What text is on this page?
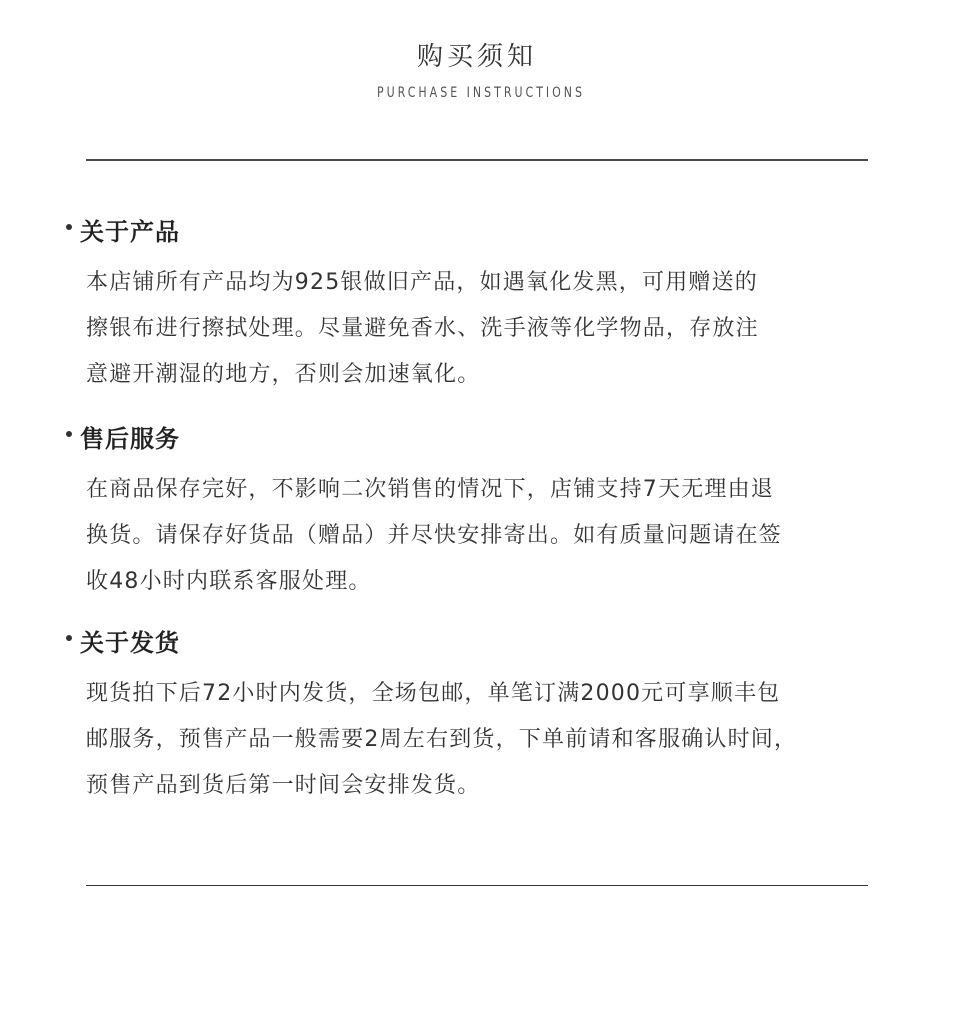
购买须知
PURCHASE INSTRUCTIONS
关于产品
本店铺所有产品均为925银做旧产品，如遇氧化发黑，可用赠送的
擦银布进行擦拭处理。尽量避免香水、洗手液等化学物品，存放注
意避开潮湿的地方，否则会加速氧化。
售后服务
在商品保存完好，不影响二次销售的情况下，店铺支持7天无理由退
换货。请保存好货品（赠品）并尽快安排寄出。如有质量问题请在签
收48小时内联系客服处理。
关于发货
现货拍下后72小时内发货，全场包邮，单笔订满2000元可享顺丰包
邮服务，预售产品一般需要2周左右到货，下单前请和客服确认时间，
预售产品到货后第一时间会安排发货。
